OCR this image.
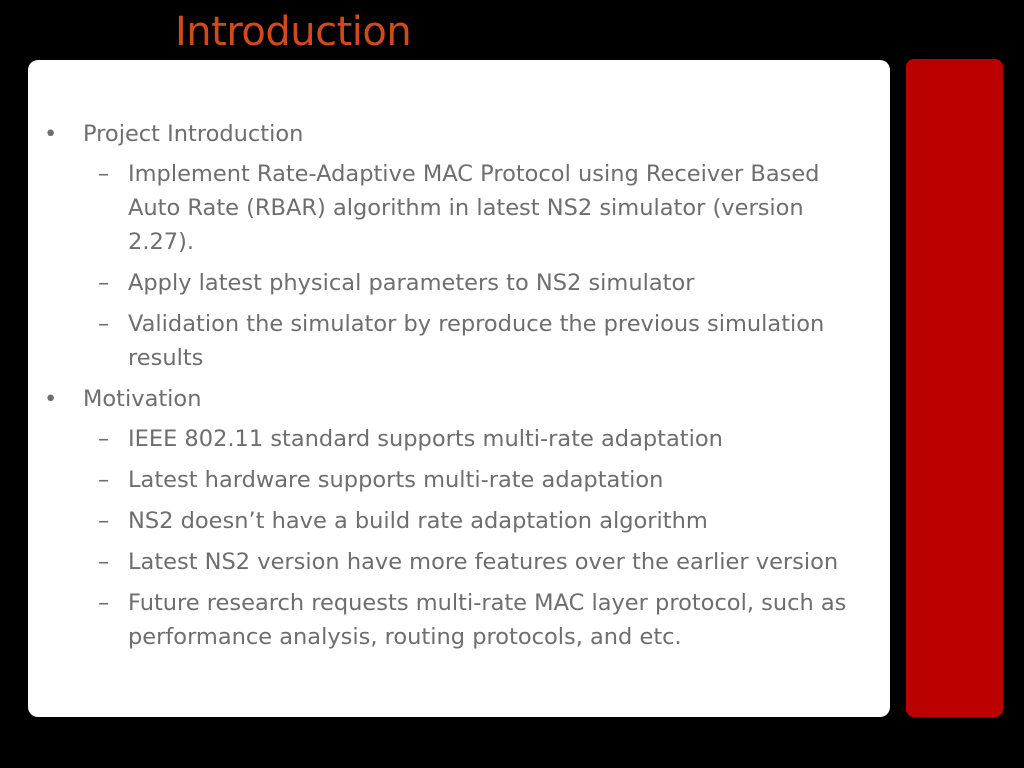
Introduction
• Project Introduction
– Implement Rate-Adaptive MAC Protocol using Receiver Based Auto Rate (RBAR) algorithm in latest NS2 simulator (version 2.27).
– Apply latest physical parameters to NS2 simulator
– Validation the simulator by reproduce the previous simulation results
• Motivation
– IEEE 802.11 standard supports multi-rate adaptation
– Latest hardware supports multi-rate adaptation
– NS2 doesn’t have a build rate adaptation algorithm
– Latest NS2 version have more features over the earlier version
– Future research requests multi-rate MAC layer protocol, such as performance analysis, routing protocols, and etc.
